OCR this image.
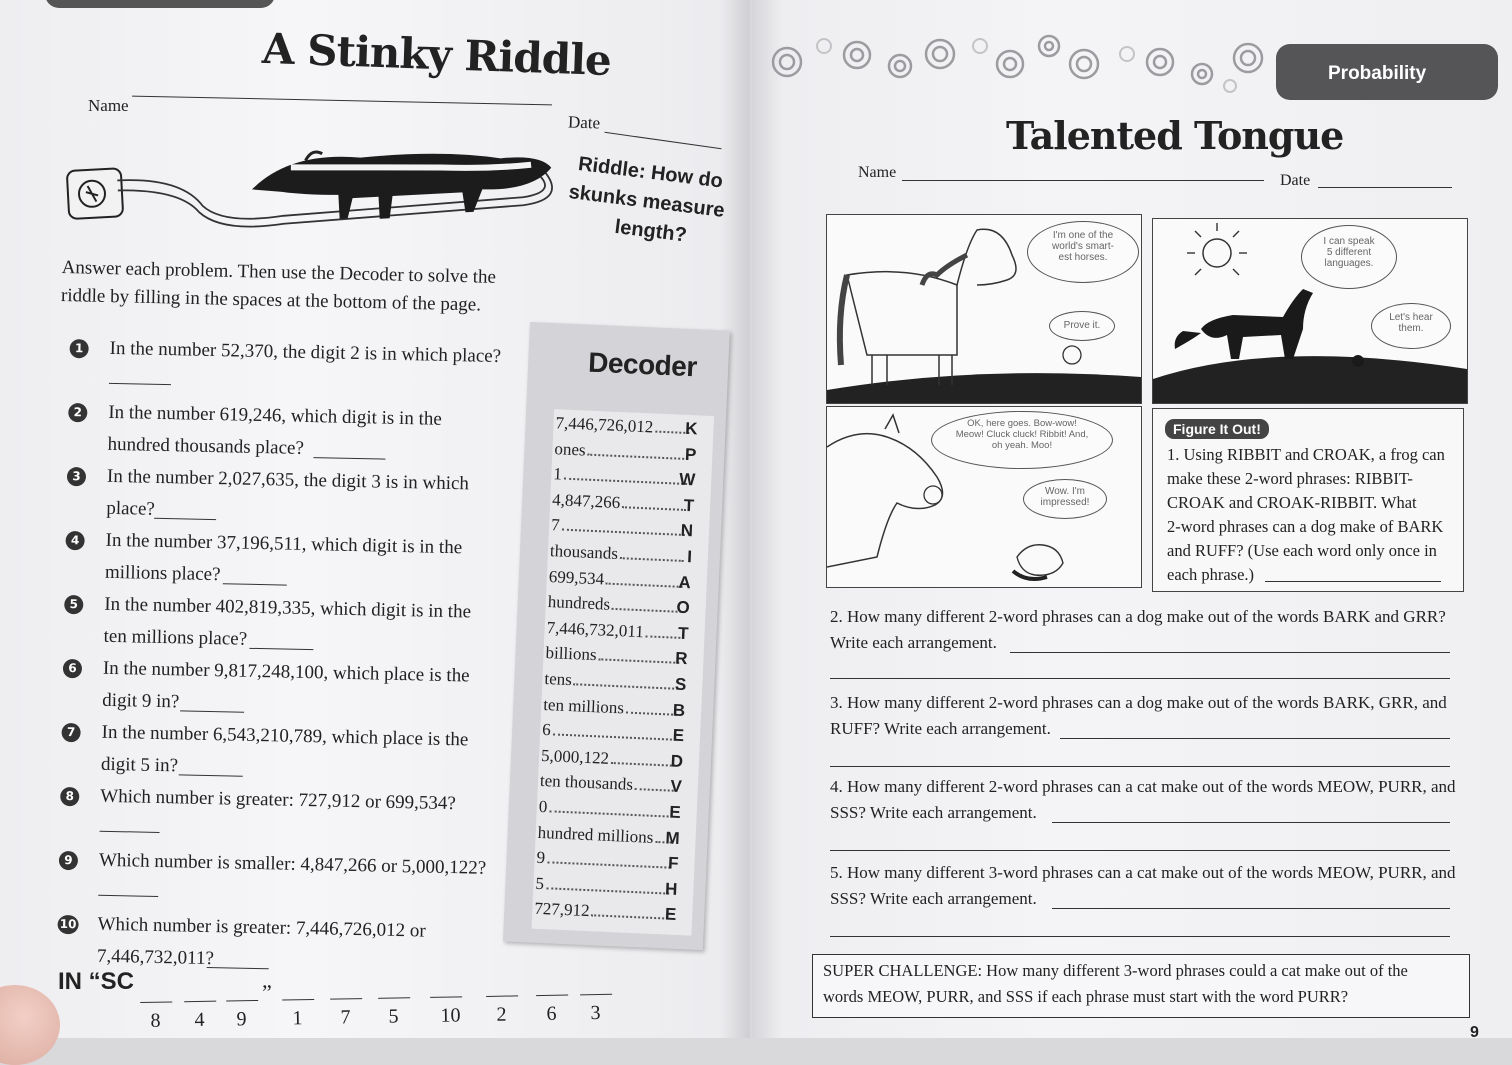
A Stinky Riddle
Name
Date
Riddle: How do
skunks measure
length?
Answer each problem. Then use the Decoder to solve the
riddle by filling in the spaces at the bottom of the page.
1 In the number 52,370, the digit 2 is in which place?
2 In the number 619,246, which digit is in the
hundred thousands place?
3 In the number 2,027,635, the digit 3 is in which
place?
4 In the number 37,196,511, which digit is in the
millions place?
5 In the number 402,819,335, which digit is in the
ten millions place?
6 In the number 9,817,248,100, which place is the
digit 9 in?
7 In the number 6,543,210,789, which place is the
digit 5 in?
8 Which number is greater: 727,912 or 699,534?
9 Which number is smaller: 4,847,266 or 5,000,122?
10 Which number is greater: 7,446,726,012 or
7,446,732,011?
Decoder
7,446,726,012 K
ones	P
1	W
4,847,266	T
7	N
thousands	I
699,534	A
hundreds	O
7,446,732,011 T
billions	R
tens	S
ten millions	B
6	E
5,000,122	D
ten thousands V
0	E
hundred millions M
9	F
5	H
727,912	E
IN “SC
8 4 9 1 7 5 10 2 6 3
”
Probability
Talented Tongue
Name	Date
I'm one of the
world's smart-
est horses.
Prove it.
I can speak
5 different
languages.
Let's hear
them.
OK, here goes. Bow-wow!
Meow! Cluck cluck! Ribbit! And,
oh yeah. Moo!
Wow. I'm
impressed!
Figure It Out!
1. Using RIBBIT and CROAK, a frog can
make these 2-word phrases: RIBBIT-
CROAK and CROAK-RIBBIT. What
2-word phrases can a dog make of BARK
and RUFF? (Use each word only once in
each phrase.)
2. How many different 2-word phrases can a dog make out of the words BARK and GRR?
Write each arrangement.
3. How many different 2-word phrases can a dog make out of the words BARK, GRR, and
RUFF? Write each arrangement.
4. How many different 2-word phrases can a cat make out of the words MEOW, PURR, and
SSS? Write each arrangement.
5. How many different 3-word phrases can a cat make out of the words MEOW, PURR, and
SSS? Write each arrangement.
SUPER CHALLENGE: How many different 3-word phrases could a cat make out of the
words MEOW, PURR, and SSS if each phrase must start with the word PURR?
9
